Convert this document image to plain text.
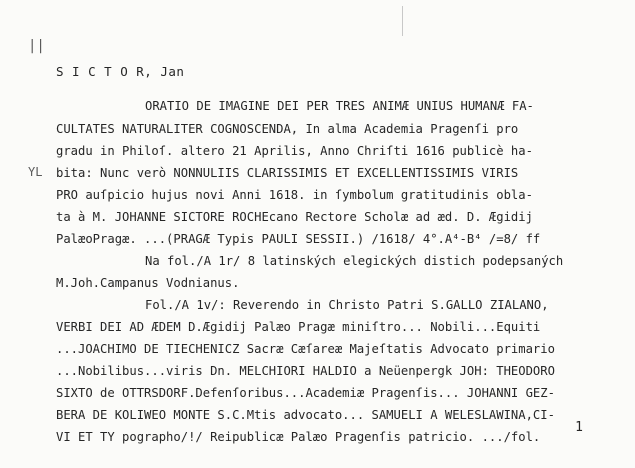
||
YL
S I C T O R, Jan
ORATIO DE IMAGINE DEI PER TRES ANIMÆ UNIUS HUMANÆ FA-
CULTATES NATURALITER COGNOSCENDA, In alma Academia Pragenſi pro
gradu in Philoſ. altero 21 Aprilis, Anno Chriſti 1616 publicè ha-
bita: Nunc verò NONNULIIS CLARISSIMIS ET EXCELLENTISSIMIS VIRIS
PRO auſpicio hujus novi Anni 1618. in ſymbolum gratitudinis obla-
ta à M. JOHANNE SICTORE ROCHEcano Rectore Scholæ ad æd. D. Ægidij
PalæoPragæ. ...(PRAGÆ Typis PAULI SESSII.) /1618/ 4°.A⁴-B⁴ /=8/ ff
Na fol./A 1r/ 8 latinských elegických distich podepsaných
M.Joh.Campanus Vodnianus.
Fol./A 1v/: Reverendo in Christo Patri S.GALLO ZIALANO,
VERBI DEI AD ÆDEM D.Ægidij Palæo Pragæ miniſtro... Nobili...Equiti
...JOACHIMO DE TIECHENICZ Sacræ Cæſareæ Majeſtatis Advocato primario
...Nobilibus...viris Dn. MELCHIORI HALDIO a Neüenpergk JOH: THEODORO
SIXTO de OTTRSDORF.Defenſoribus...Academiæ Pragenſis... JOHANNI GEZ-
BERA DE KOLIWEO MONTE S.C.Mtis advocato... SAMUELI A WELESLAWINA,CI-
VI ET TY pographo/!/ Reipublicæ Palæo Pragenſis patricio. .../fol.
1
